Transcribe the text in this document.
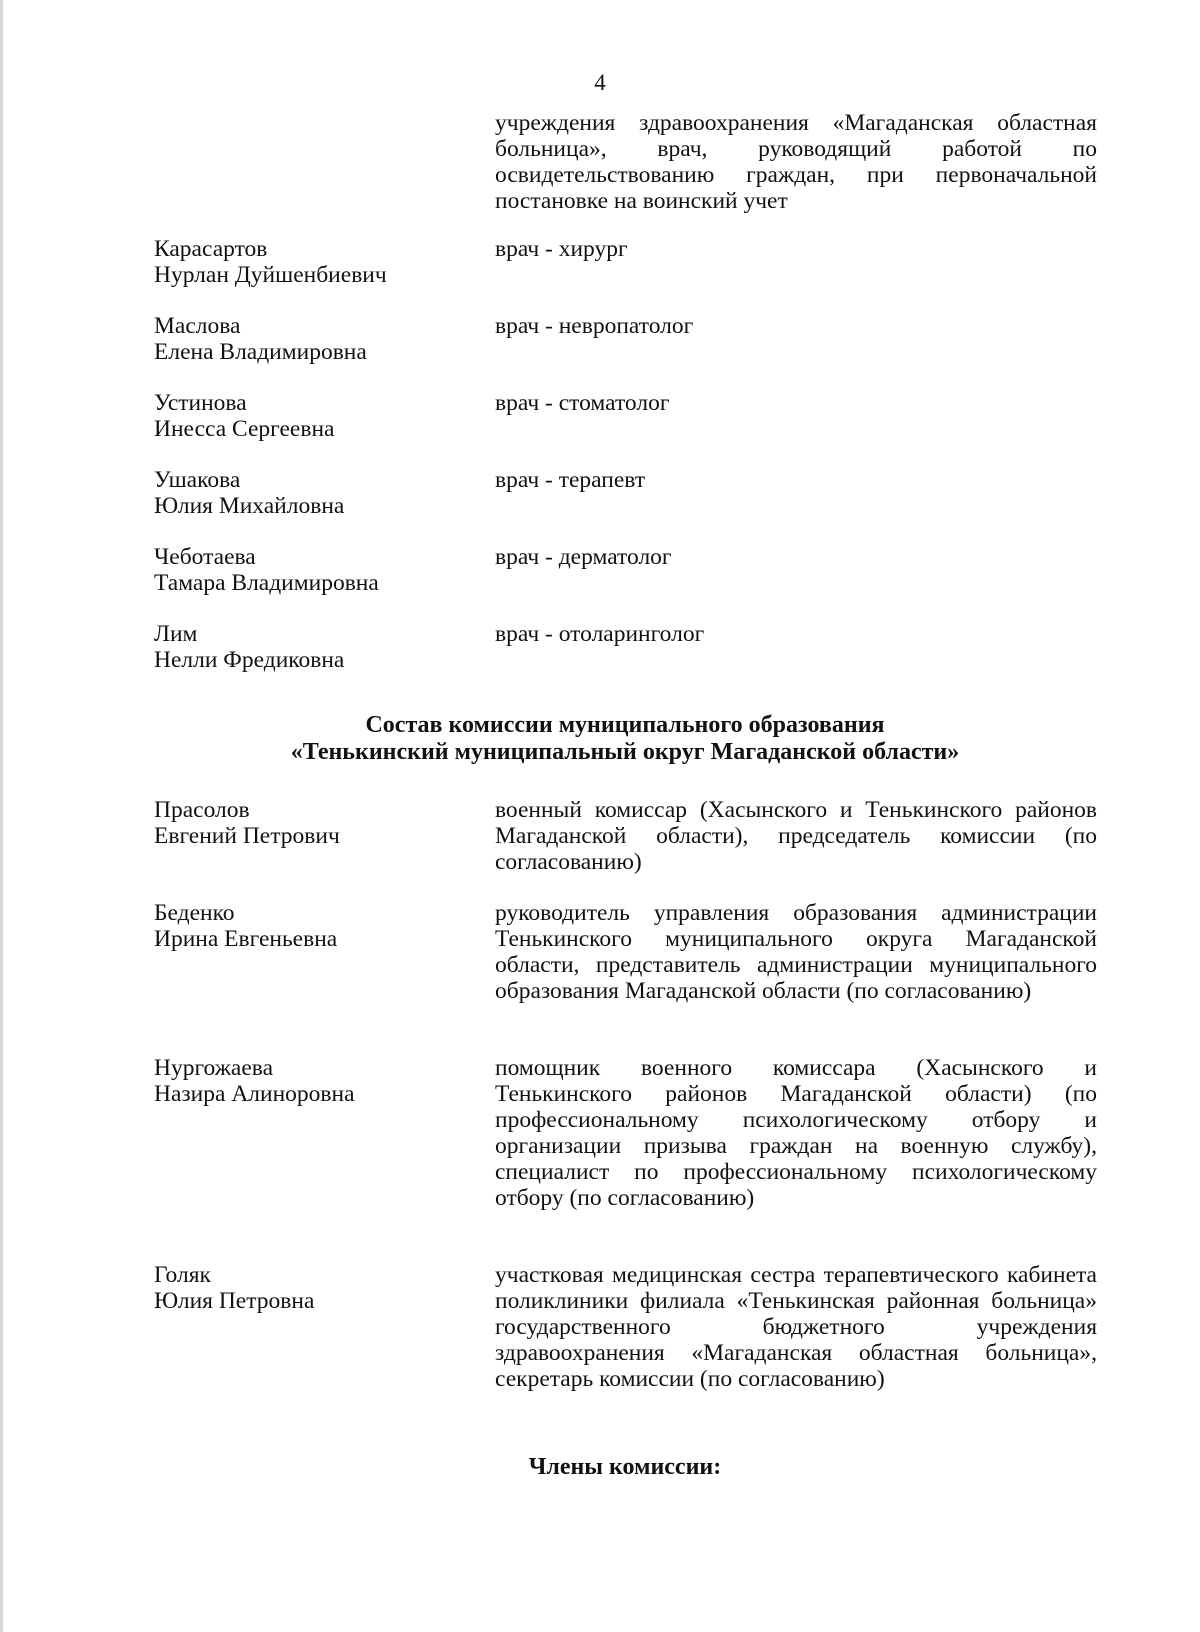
4
учреждения здравоохранения «Магаданская областная больница», врач, руководящий работой по освидетельствованию граждан, при первоначальной постановке на воинский учет
Карасартов
Нурлан Дуйшенбиевич
врач - хирург
Маслова
Елена Владимировна
врач - невропатолог
Устинова
Инесса Сергеевна
врач - стоматолог
Ушакова
Юлия Михайловна
врач - терапевт
Чеботаева
Тамара Владимировна
врач - дерматолог
Лим
Нелли Фредиковна
врач - отоларинголог
Состав комиссии муниципального образования
«Тенькинский муниципальный округ Магаданской области»
Прасолов
Евгений Петрович
военный комиссар (Хасынского и Тенькинского районов Магаданской области), председатель комиссии (по согласованию)
Беденко
Ирина Евгеньевна
руководитель управления образования администрации Тенькинского муниципального округа Магаданской области, представитель администрации муниципального образования Магаданской области (по согласованию)
Нургожаева
Назира Алиноровна
помощник военного комиссара (Хасынского и Тенькинского районов Магаданской области) (по профессиональному психологическому отбору и организации призыва граждан на военную службу), специалист по профессиональному психологическому отбору (по согласованию)
Голяк
Юлия Петровна
участковая медицинская сестра терапевтического кабинета поликлиники филиала «Тенькинская районная больница» государственного бюджетного учреждения здравоохранения «Магаданская областная больница», секретарь комиссии (по согласованию)
Члены комиссии:
